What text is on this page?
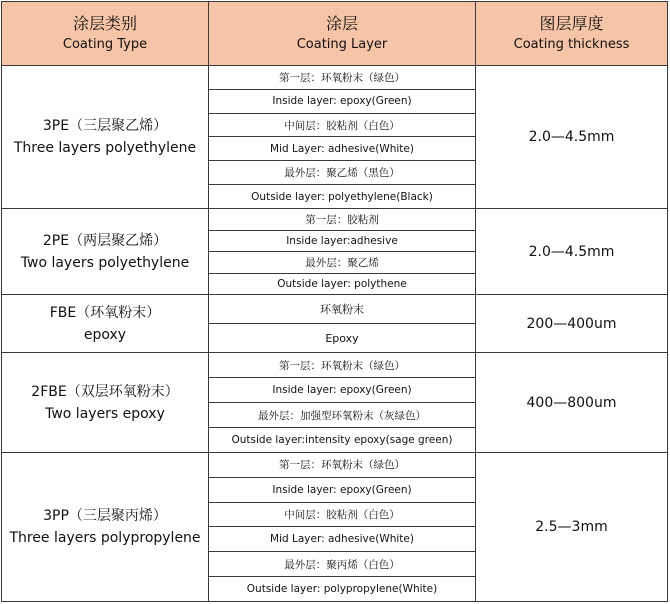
涂层类别
Coating Type
涂层
Coating Layer
图层厚度
Coating thickness
3PE（三层聚乙烯）
Three layers polyethylene
第一层：环氧粉末（绿色）
Inside layer: epoxy(Green)
中间层：胶粘剂（白色）
Mid Layer: adhesive(White)
最外层：聚乙烯（黑色）
Outside layer: polyethylene(Black)
2.0—4.5mm
2PE（两层聚乙烯）
Two layers polyethylene
第一层：胶粘剂
Inside layer:adhesive
最外层：聚乙烯
Outside layer: polythene
2.0—4.5mm
FBE（环氧粉末）
epoxy
环氧粉末
Epoxy
200—400um
2FBE（双层环氧粉末）
Two layers epoxy
第一层：环氧粉末（绿色）
Inside layer: epoxy(Green)
最外层：加强型环氧粉末（灰绿色）
Outside layer:intensity epoxy(sage green)
400—800um
3PP（三层聚丙烯）
Three layers polypropylene
第一层：环氧粉末（绿色）
Inside layer: epoxy(Green)
中间层：胶粘剂（白色）
Mid Layer: adhesive(White)
最外层：聚丙烯（白色）
Outside layer: polypropylene(White)
2.5—3mm
